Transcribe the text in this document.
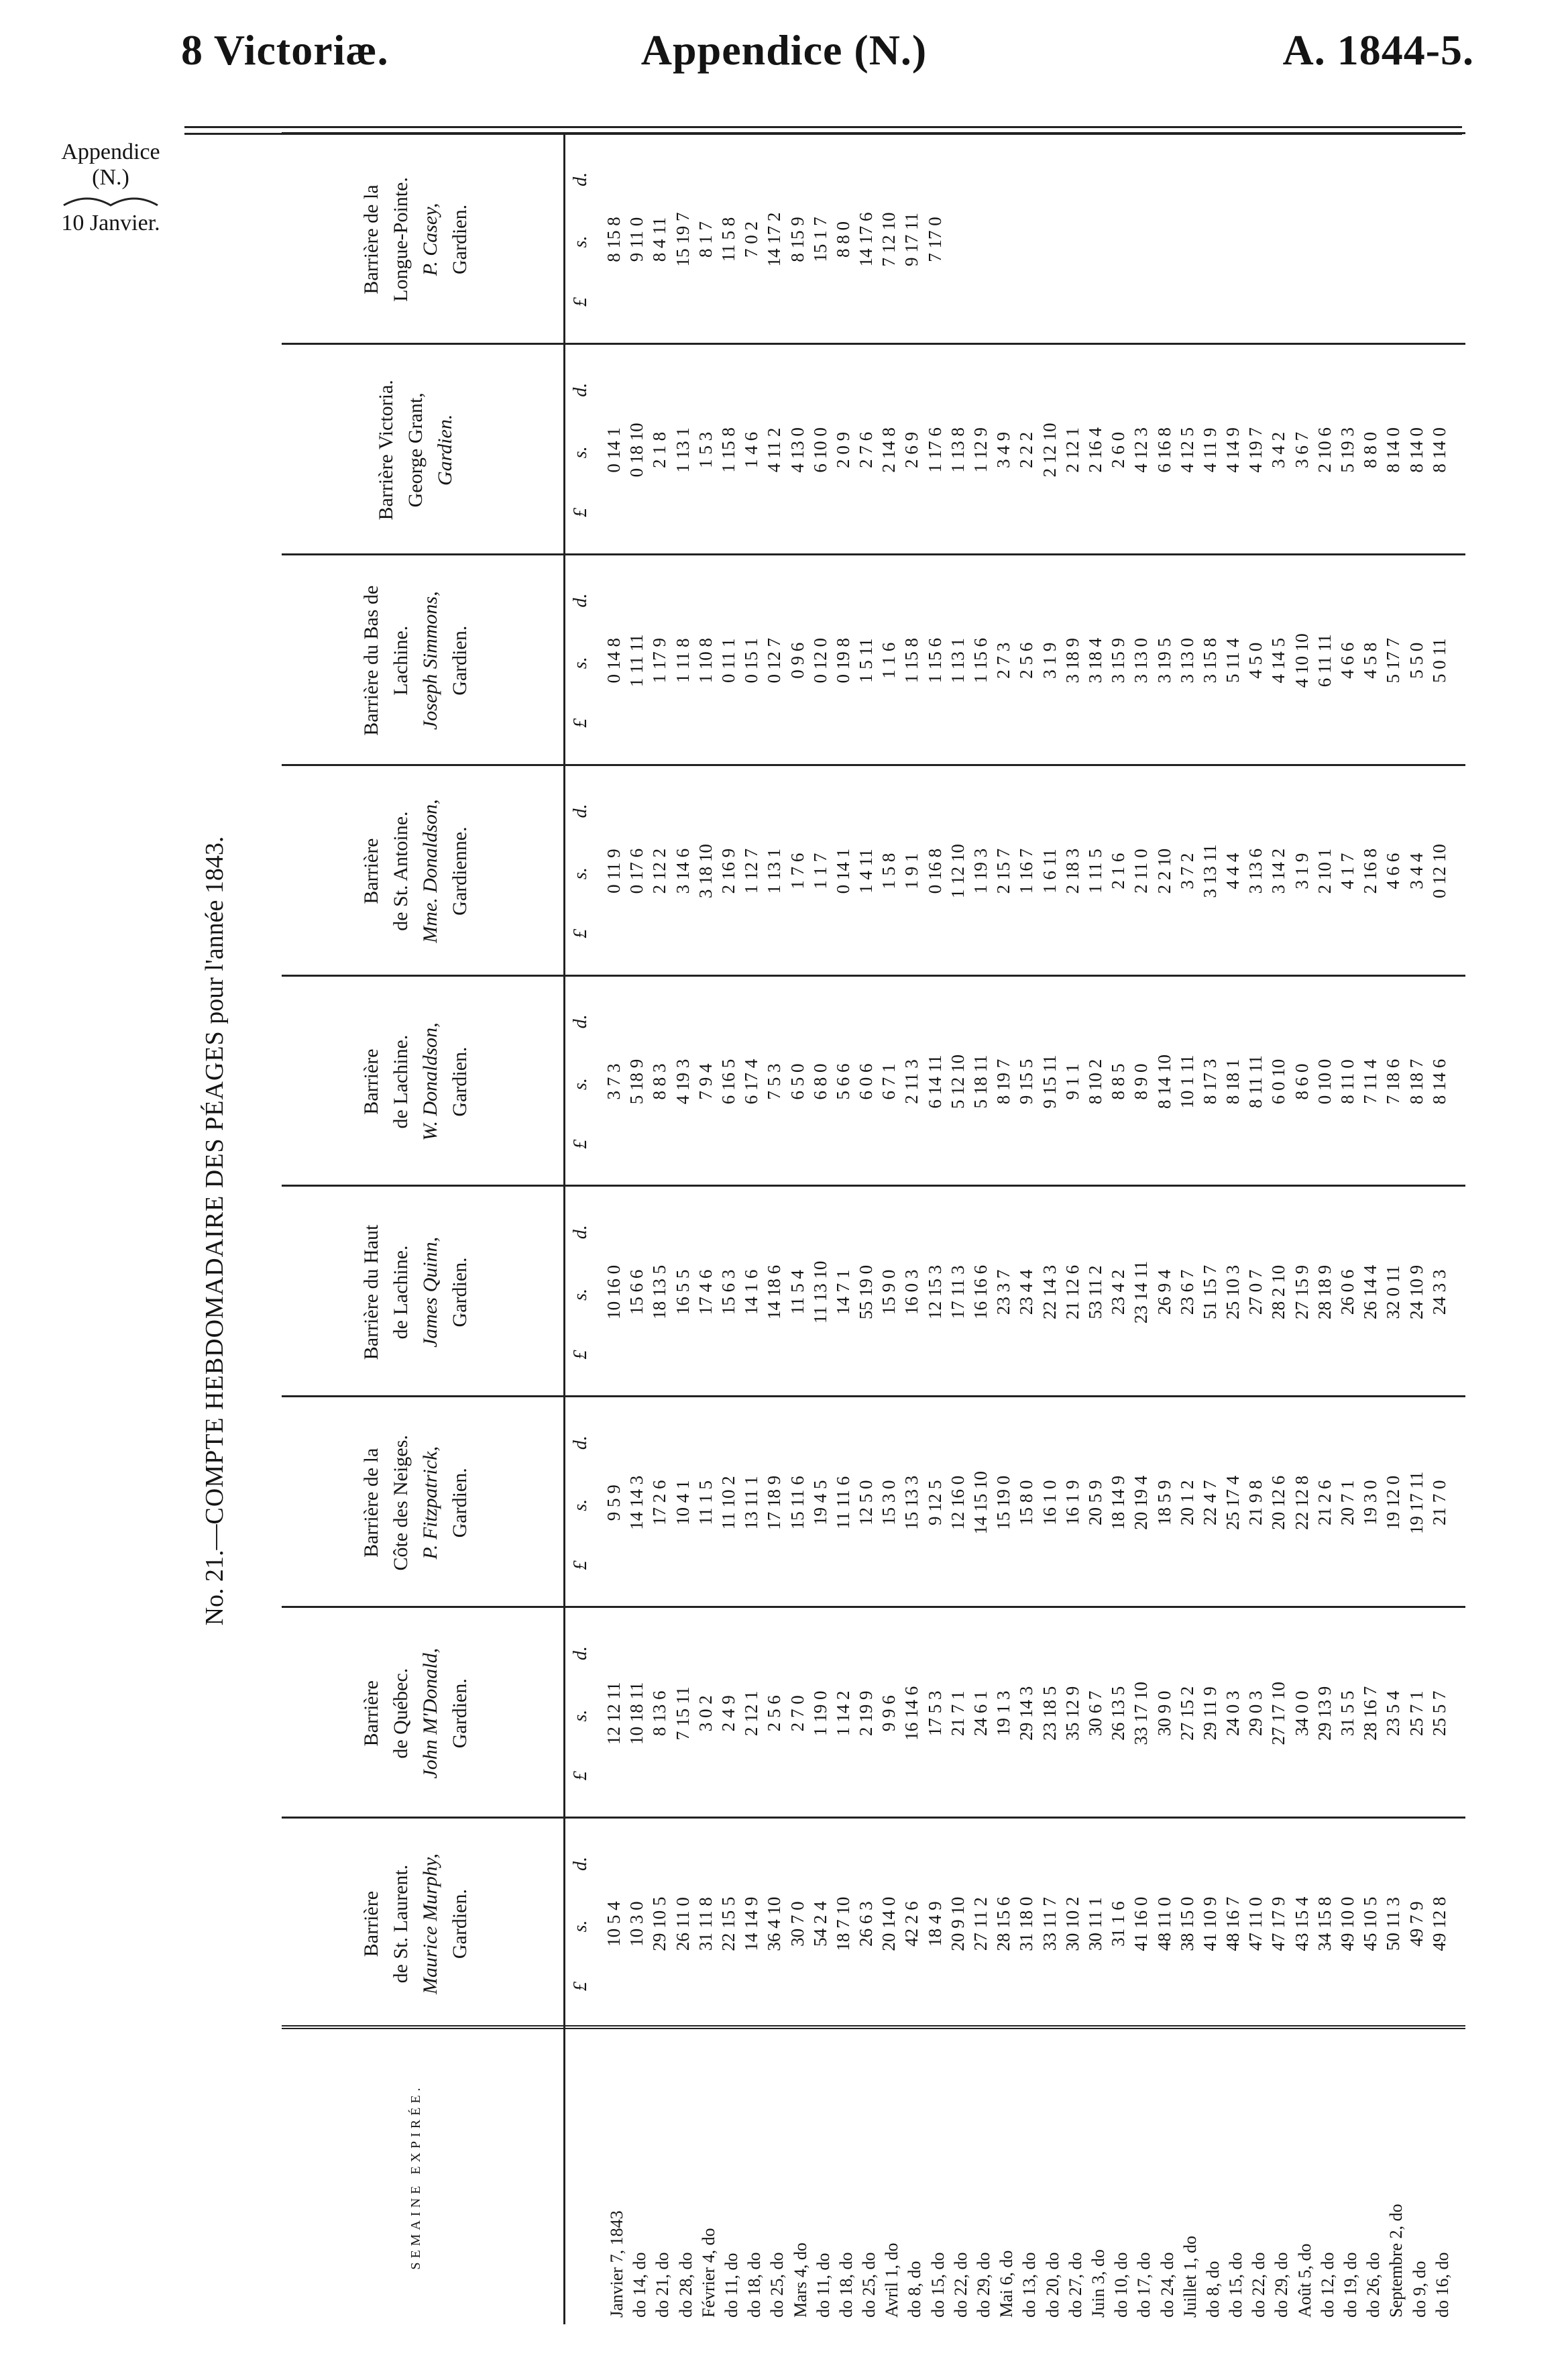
8 Victoriæ.	Appendice (N.)	A. 1844-5.
Appendice
(N.)
10 Janvier.
No. 21.—COMPTE HEBDOMADAIRE DES PÉAGES pour l'année 1843.
SEMAINE EXPIRÉE.
Barrière de St. Laurent. Maurice Murphy, Gardien.
£
s.
d.
10 5 4 10 3 0 29 10 5 26 11 0 31 11 8 22 15 5 14 14 9 36 4 10 30 7 0 54 2 4 18 7 10 26 6 3 20 14 0 42 2 6 18 4 9 20 9 10 27 11 2 28 15 6 31 18 0 33 11 7 30 10 2 30 11 1 31 1 6 41 16 0 48 11 0 38 15 0 41 10 9 48 16 7 47 11 0 47 17 9 43 15 4 34 15 8 49 10 0 45 10 5 50 11 3 49 7 9 49 12 8
Barrière de Québec. John M'Donald, Gardien.
£
s.
d.
12 12 11 10 18 11 8 13 6 7 15 11 3 0 2 2 4 9 2 12 1 2 5 6 2 7 0 1 19 0 1 14 2 2 19 9 9 9 6 16 14 6 17 5 3 21 7 1 24 6 1 19 1 3 29 14 3 23 18 5 35 12 9 30 6 7 26 13 5 33 17 10 30 9 0 27 15 2 29 11 9 24 0 3 29 0 3 27 17 10 34 0 0 29 13 9 31 5 5 28 16 7 23 5 4 25 7 1 25 5 7
Barrière de la Côte des Neiges. P. Fitzpatrick, Gardien.
£
s.
d.
9 5 9 14 14 3 17 2 6 10 4 1 11 1 5 11 10 2 13 11 1 17 18 9 15 11 6 19 4 5 11 11 6 12 5 0 15 3 0 15 13 3 9 12 5 12 16 0 14 15 10 15 19 0 15 8 0 16 1 0 16 1 9 20 5 9 18 14 9 20 19 4 18 5 9 20 1 2 22 4 7 25 17 4 21 9 8 20 12 6 22 12 8 21 2 6 20 7 1 19 3 0 19 12 0 19 17 11 21 7 0
Barrière du Haut de Lachine. James Quinn, Gardien.
£
s.
d.
10 16 0 15 6 6 18 13 5 16 5 5 17 4 6 15 6 3 14 1 6 14 18 6 11 5 4 11 13 10 14 7 1 55 19 0 15 9 0 16 0 3 12 15 3 17 11 3 16 16 6 23 3 7 23 4 4 22 14 3 21 12 6 53 11 2 23 4 2 23 14 11 26 9 4 23 6 7 51 15 7 25 10 3 27 0 7 28 2 10 27 15 9 28 18 9 26 0 6 26 14 4 32 0 11 24 10 9 24 3 3
Barrière de Lachine. W. Donaldson, Gardien.
£
s.
d.
3 7 3 5 18 9 8 8 3 4 19 3 7 9 4 6 16 5 6 17 4 7 5 3 6 5 0 6 8 0 5 6 6 6 0 6 6 7 1 2 11 3 6 14 11 5 12 10 5 18 11 8 19 7 9 15 5 9 15 11 9 1 1 8 10 2 8 8 5 8 9 0 8 14 10 10 1 11 8 17 3 8 18 1 8 11 11 6 0 10 8 6 0 0 10 0 8 11 0 7 11 4 7 18 6 8 18 7 8 14 6
Barrière de St. Antoine. Mme. Donaldson, Gardienne.
£
s.
d.
0 11 9 0 17 6 2 12 2 3 14 6 3 18 10 2 16 9 1 12 7 1 13 1 1 7 6 1 1 7 0 14 1 1 4 11 1 5 8 1 9 1 0 16 8 1 12 10 1 19 3 2 15 7 1 16 7 1 6 11 2 18 3 1 11 5 2 1 6 2 11 0 2 2 10 3 7 2 3 13 11 4 4 4 3 13 6 3 14 2 3 1 9 2 10 1 4 1 7 2 16 8 4 6 6 3 4 4 0 12 10
Barrière du Bas de Lachine. Joseph Simmons, Gardien.
£
s.
d.
0 14 8 1 11 11 1 17 9 1 11 8 1 10 8 0 11 1 0 15 1 0 12 7 0 9 6 0 12 0 0 19 8 1 5 11 1 1 6 1 15 8 1 15 6 1 13 1 1 15 6 2 7 3 2 5 6 3 1 9 3 18 9 3 18 4 3 15 9 3 13 0 3 19 5 3 13 0 3 15 8 5 11 4 4 5 0 4 14 5 4 10 10 6 11 11 4 6 6 4 5 8 5 17 7 5 5 0 5 0 11
Barrière Victoria. George Grant, Gardien.
£
s.
d.
0 14 1 0 18 10 2 1 8 1 13 1 1 5 3 1 15 8 1 4 6 4 11 2 4 13 0 6 10 0 2 0 9 2 7 6 2 14 8 2 6 9 1 17 6 1 13 8 1 12 9 3 4 9 2 2 2 2 12 10 2 12 1 2 16 4 2 6 0 4 12 3 6 16 8 4 12 5 4 11 9 4 14 9 4 19 7 3 4 2 3 6 7 2 10 6 5 19 3 8 8 0 8 14 0 8 14 0 8 14 0
Barrière de la Longue-Pointe. P. Casey, Gardien.
£
s.
d.
8 15 8 9 11 0 8 4 11 15 19 7 8 1 7 11 5 8 7 0 2 14 17 2 8 15 9 15 1 7 8 8 0 14 17 6 7 12 10 9 17 11 7 17 0
Janvier 7, 1843 do 14, do do 21, do do 28, do Février 4, do do 11, do do 18, do do 25, do Mars 4, do do 11, do do 18, do do 25, do Avril 1, do do 8, do do 15, do do 22, do do 29, do Mai 6, do do 13, do do 20, do do 27, do Juin 3, do do 10, do do 17, do do 24, do Juillet 1, do do 8, do do 15, do do 22, do do 29, do Août 5, do do 12, do do 19, do do 26, do Septembre 2, do do 9, do do 16, do
